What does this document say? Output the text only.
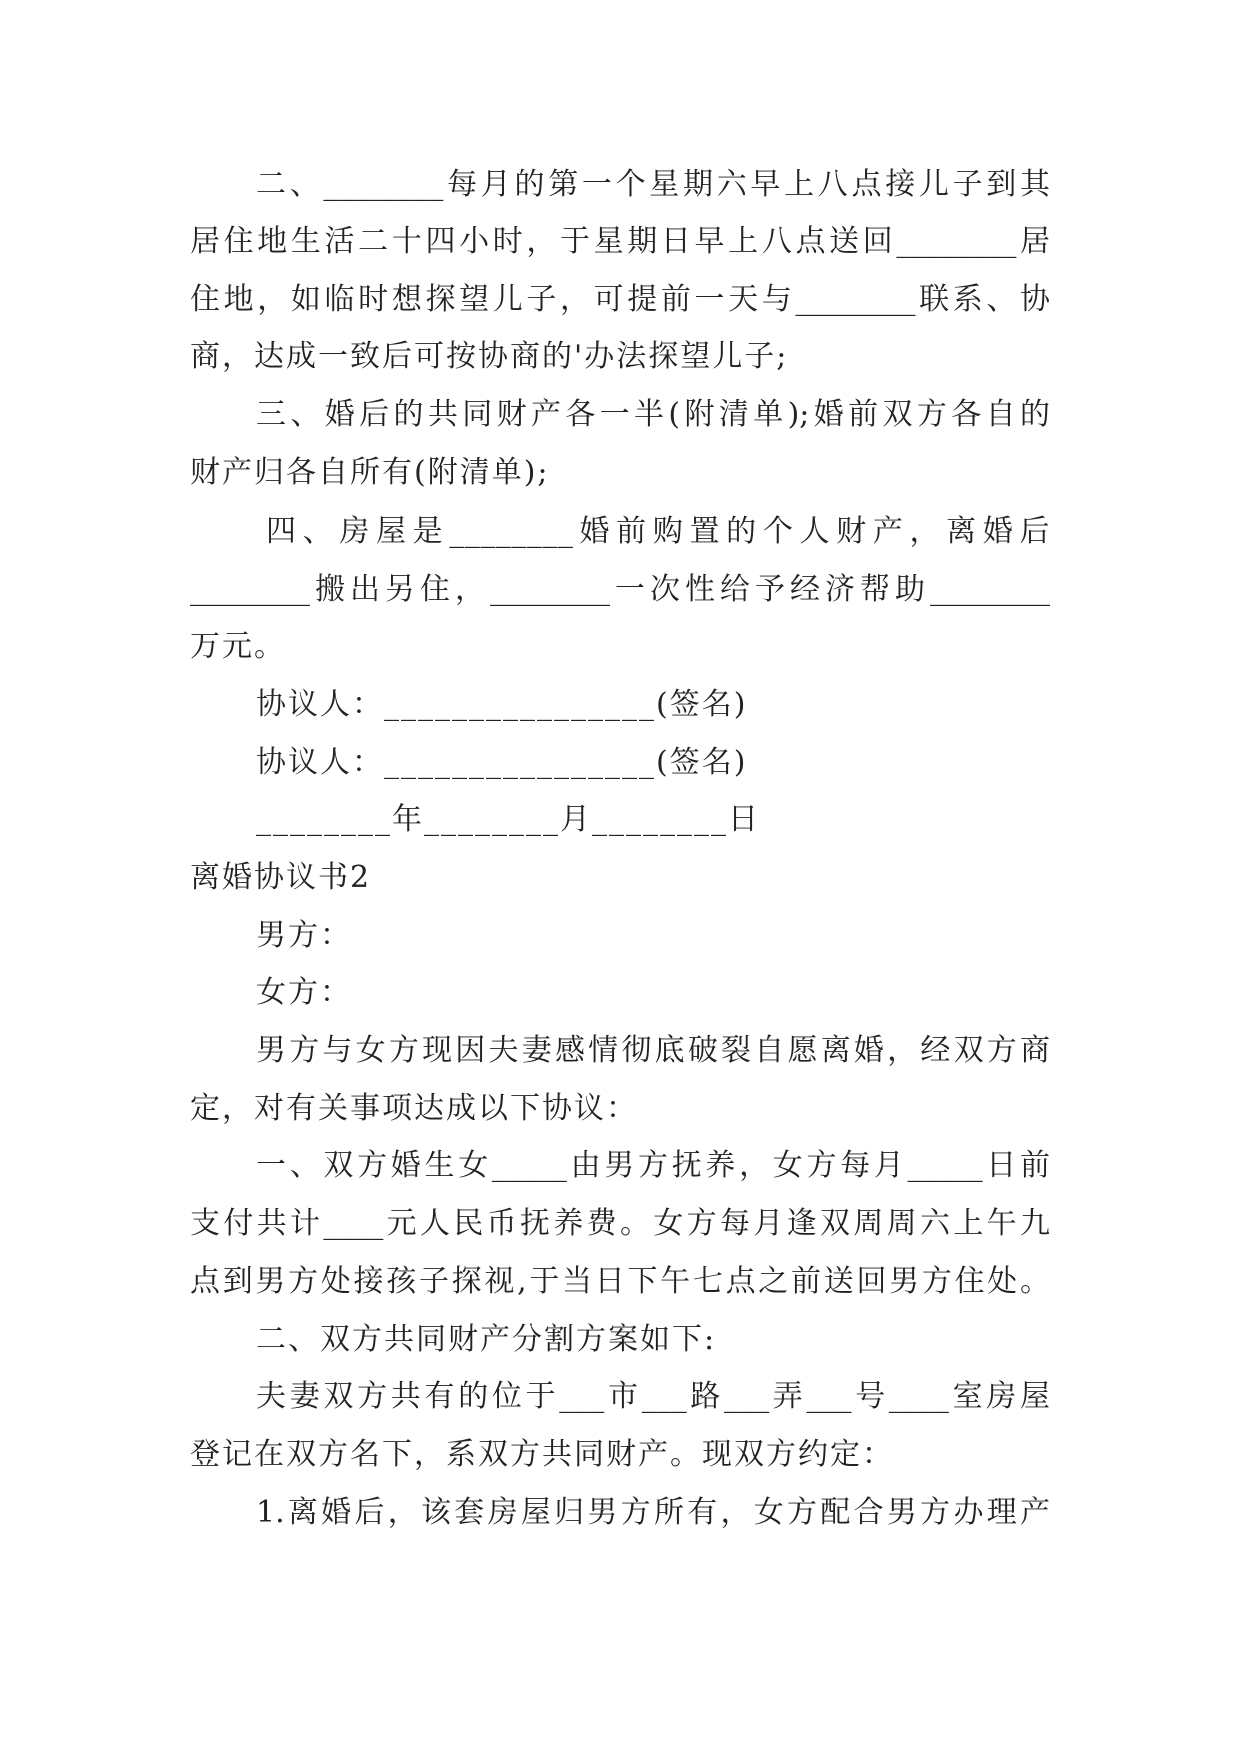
二、________每月的第一个星期六早上八点接儿子到其
居住地生活二十四小时，于星期日早上八点送回________居
住地，如临时想探望儿子，可提前一天与________联系、协
商，达成一致后可按协商的'办法探望儿子;
三、婚后的共同财产各一半(附清单);婚前双方各自的
财产归各自所有(附清单);
四、房屋是________婚前购置的个人财产，离婚后
________搬出另住，________一次性给予经济帮助________
万元。
协议人：________________(签名)
协议人：________________(签名)
________年________月________日
离婚协议书2
男方：
女方：
男方与女方现因夫妻感情彻底破裂自愿离婚，经双方商
定，对有关事项达成以下协议：
一、双方婚生女_____由男方抚养，女方每月_____日前
支付共计____元人民币抚养费。女方每月逢双周周六上午九
点到男方处接孩子探视,于当日下午七点之前送回男方住处。
二、双方共同财产分割方案如下:
夫妻双方共有的位于___市___路___弄___号____室房屋
登记在双方名下，系双方共同财产。现双方约定：
1.离婚后，该套房屋归男方所有，女方配合男方办理产
